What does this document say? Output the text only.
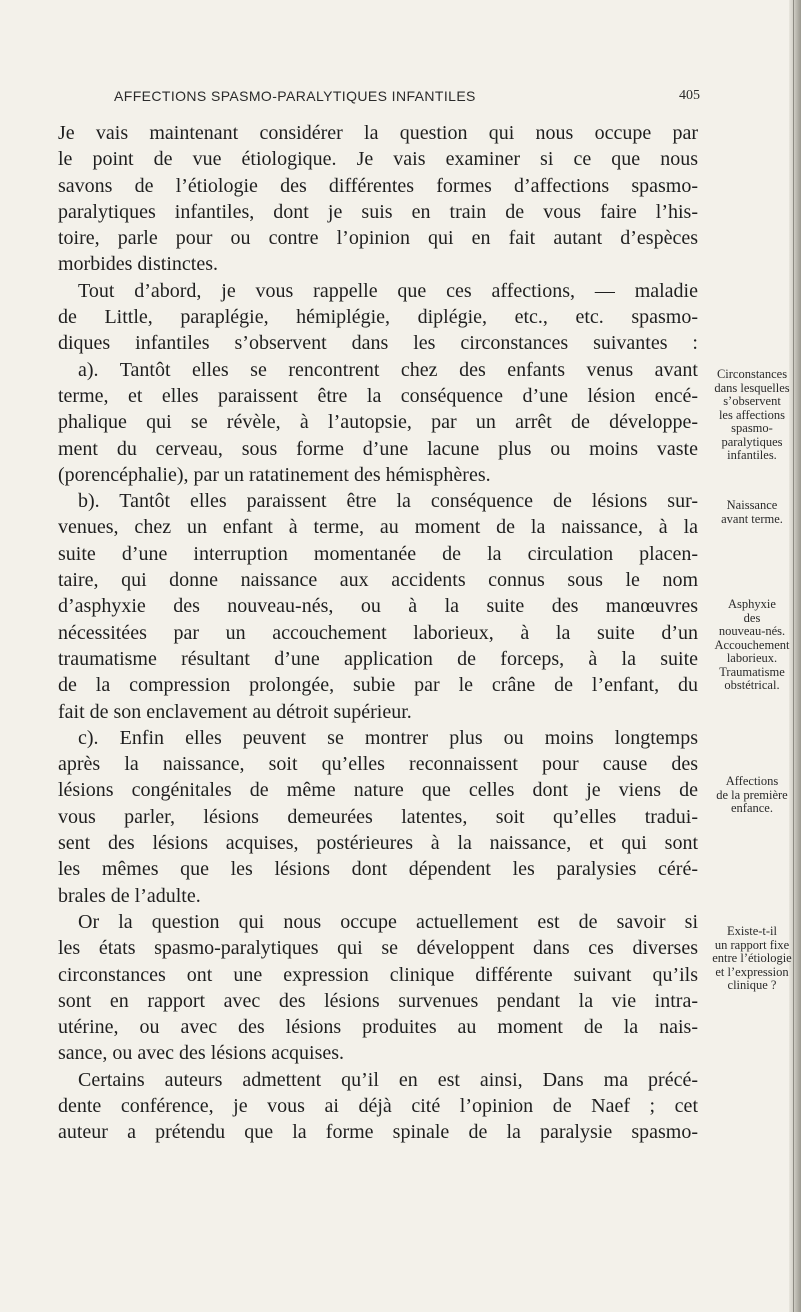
AFFECTIONS SPASMO-PARALYTIQUES INFANTILES	405
Je vais maintenant considérer la question qui nous occupe par
le point de vue étiologique. Je vais examiner si ce que nous
savons de l’étiologie des différentes formes d’affections spasmo-
paralytiques infantiles, dont je suis en train de vous faire l’his-
toire, parle pour ou contre l’opinion qui en fait autant d’espèces
morbides distinctes.
Tout d’abord, je vous rappelle que ces affections, — maladie
de Little, paraplégie, hémiplégie, diplégie, etc., etc. spasmo-
diques infantiles s’observent dans les circonstances suivantes :
a). Tantôt elles se rencontrent chez des enfants venus avant
terme, et elles paraissent être la conséquence d’une lésion encé-
phalique qui se révèle, à l’autopsie, par un arrêt de développe-
ment du cerveau, sous forme d’une lacune plus ou moins vaste
(porencéphalie), par un ratatinement des hémisphères.
b). Tantôt elles paraissent être la conséquence de lésions sur-
venues, chez un enfant à terme, au moment de la naissance, à la
suite d’une interruption momentanée de la circulation placen-
taire, qui donne naissance aux accidents connus sous le nom
d’asphyxie des nouveau-nés, ou à la suite des manœuvres
nécessitées par un accouchement laborieux, à la suite d’un
traumatisme résultant d’une application de forceps, à la suite
de la compression prolongée, subie par le crâne de l’enfant, du
fait de son enclavement au détroit supérieur.
c). Enfin elles peuvent se montrer plus ou moins longtemps
après la naissance, soit qu’elles reconnaissent pour cause des
lésions congénitales de même nature que celles dont je viens de
vous parler, lésions demeurées latentes, soit qu’elles tradui-
sent des lésions acquises, postérieures à la naissance, et qui sont
les mêmes que les lésions dont dépendent les paralysies céré-
brales de l’adulte.
Or la question qui nous occupe actuellement est de savoir si
les états spasmo-paralytiques qui se développent dans ces diverses
circonstances ont une expression clinique différente suivant qu’ils
sont en rapport avec des lésions survenues pendant la vie intra-
utérine, ou avec des lésions produites au moment de la nais-
sance, ou avec des lésions acquises.
Certains auteurs admettent qu’il en est ainsi, Dans ma précé-
dente conférence, je vous ai déjà cité l’opinion de Naef ; cet
auteur a prétendu que la forme spinale de la paralysie spasmo-
Circonstances
dans lesquelles
s’observent
les affections
spasmo-
paralytiques
infantiles.
Naissance
avant terme.
Asphyxie
des
nouveau-nés.
Accouchement
laborieux.
Traumatisme
obstétrical.
Affections
de la première
enfance.
Existe-t-il
un rapport fixe
entre l’étiologie
et l’expression
clinique ?
